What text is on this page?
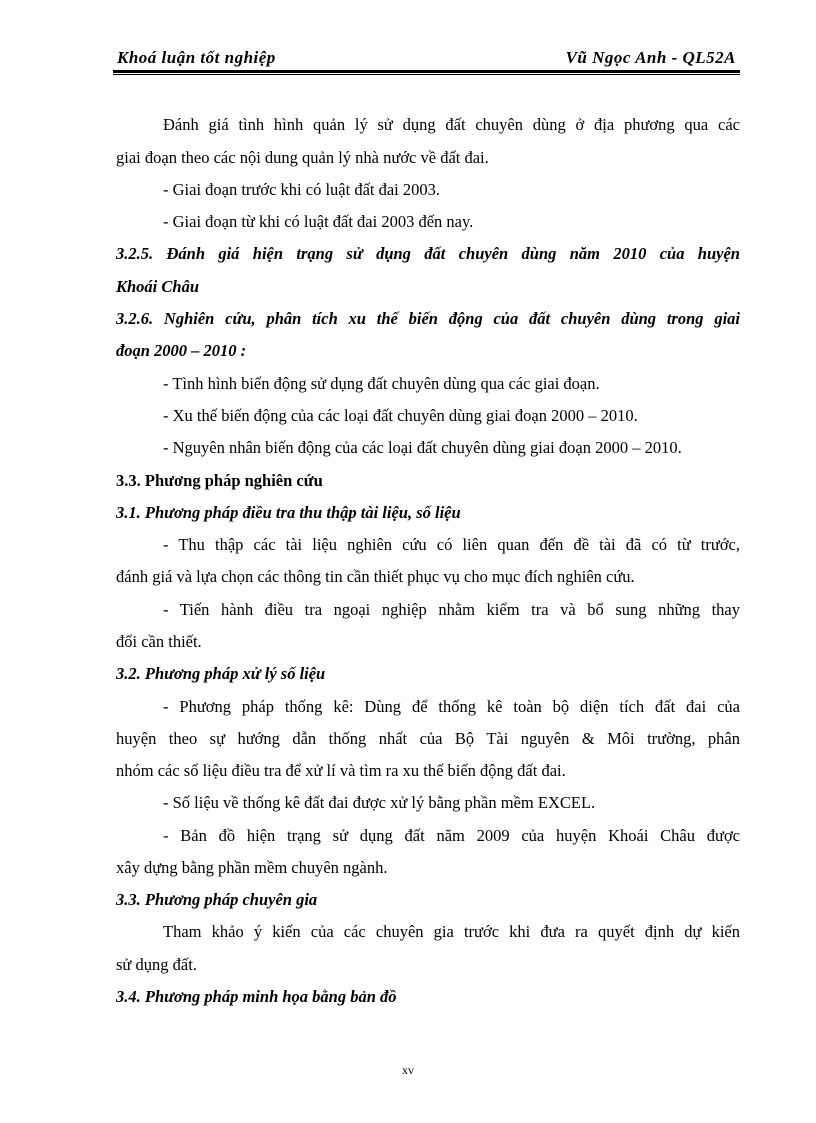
Khoá luận tốt nghiệp	Vũ Ngọc Anh - QL52A
Đánh giá tình hình quản lý sử dụng đất chuyên dùng ở địa phương qua các
giai đoạn theo các nội dung quản lý nhà nước về đất đai.
- Giai đoạn trước khi có luật đất đai 2003.
- Giai đoạn từ khi có luật đất đai 2003 đến nay.
3.2.5. Đánh giá hiện trạng sử dụng đất chuyên dùng năm 2010 của huyện
Khoái Châu
3.2.6. Nghiên cứu, phân tích xu thế biến động của đất chuyên dùng trong giai
đoạn 2000 – 2010 :
- Tình hình biến động sử dụng đất chuyên dùng qua các giai đoạn.
- Xu thế biến động của các loại đất chuyên dùng giai đoạn 2000 – 2010.
- Nguyên nhân biến động của các loại đất chuyên dùng giai đoạn 2000 – 2010.
3.3. Phương pháp nghiên cứu
3.1. Phương pháp điều tra thu thập tài liệu, số liệu
- Thu thập các tài liệu nghiên cứu có liên quan đến đề tài đã có từ trước,
đánh giá và lựa chọn các thông tin cần thiết phục vụ cho mục đích nghiên cứu.
- Tiến hành điều tra ngoại nghiệp nhằm kiểm tra và bổ sung những thay
đổi cần thiết.
3.2. Phương pháp xử lý số liệu
- Phương pháp thống kê: Dùng để thống kê toàn bộ diện tích đất đai của
huyện theo sự hướng dẫn thống nhất của Bộ Tài nguyên & Môi trường, phân
nhóm các số liệu điều tra để xử lí và tìm ra xu thế biến động đất đai.
- Số liệu về thống kê đất đai được xử lý bằng phần mềm EXCEL.
- Bản đồ hiện trạng sử dụng đất năm 2009 của huyện Khoái Châu được
xây dựng bằng phần mềm chuyên ngành.
3.3. Phương pháp chuyên gia
Tham khảo ý kiến của các chuyên gia trước khi đưa ra quyết định dự kiến
sử dụng đất.
3.4. Phương pháp minh họa bằng bản đồ
xv
